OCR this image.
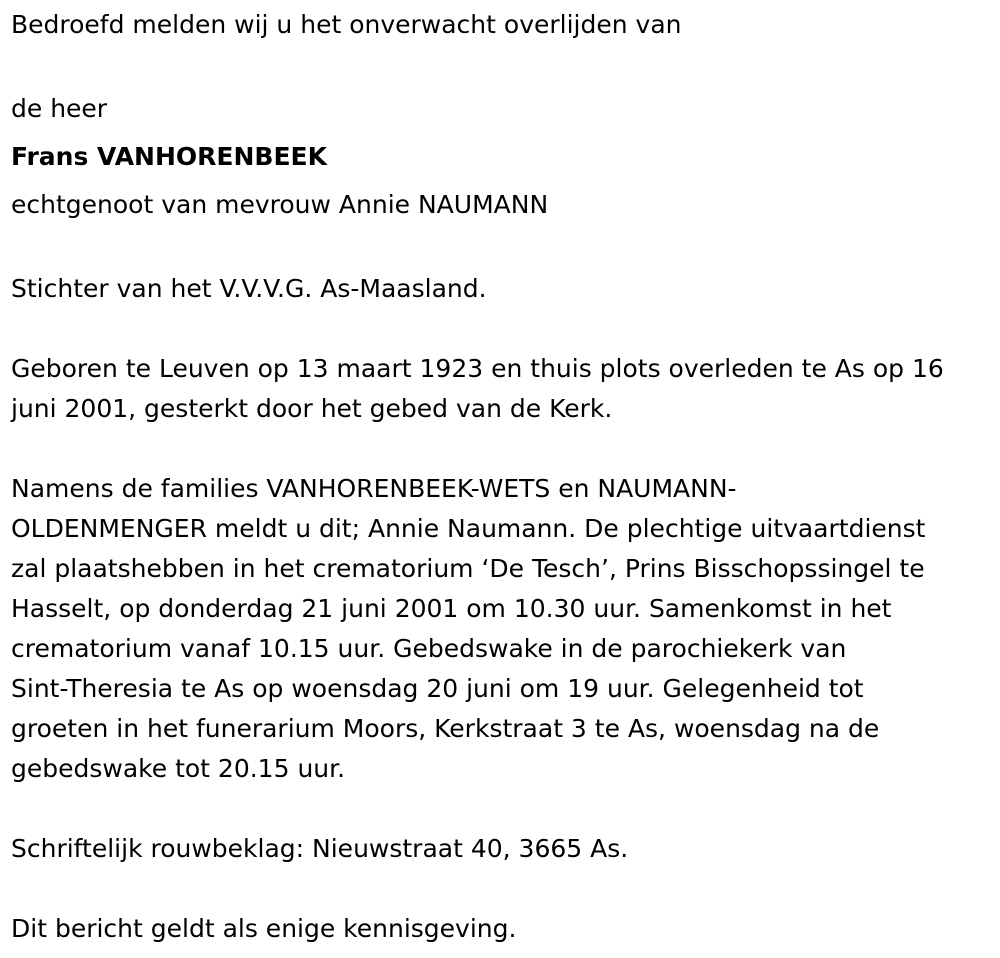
Bedroefd melden wij u het onverwacht overlijden van

de heer

Frans VANHORENBEEK

echtgenoot van mevrouw Annie NAUMANN

Stichter van het V.V.V.G. As-Maasland.

Geboren te Leuven op 13 maart 1923 en thuis plots overleden te As op 16

juni 2001, gesterkt door het gebed van de Kerk.

Namens de families VANHORENBEEK-WETS en NAUMANN-

OLDENMENGER meldt u dit; Annie Naumann. De plechtige uitvaartdienst

zal plaatshebben in het crematorium ‘De Tesch’, Prins Bisschopssingel te

Hasselt, op donderdag 21 juni 2001 om 10.30 uur. Samenkomst in het

crematorium vanaf 10.15 uur. Gebedswake in de parochiekerk van

Sint-Theresia te As op woensdag 20 juni om 19 uur. Gelegenheid tot

groeten in het funerarium Moors, Kerkstraat 3 te As, woensdag na de

gebedswake tot 20.15 uur.

Schriftelijk rouwbeklag: Nieuwstraat 40, 3665 As.

Dit bericht geldt als enige kennisgeving.
